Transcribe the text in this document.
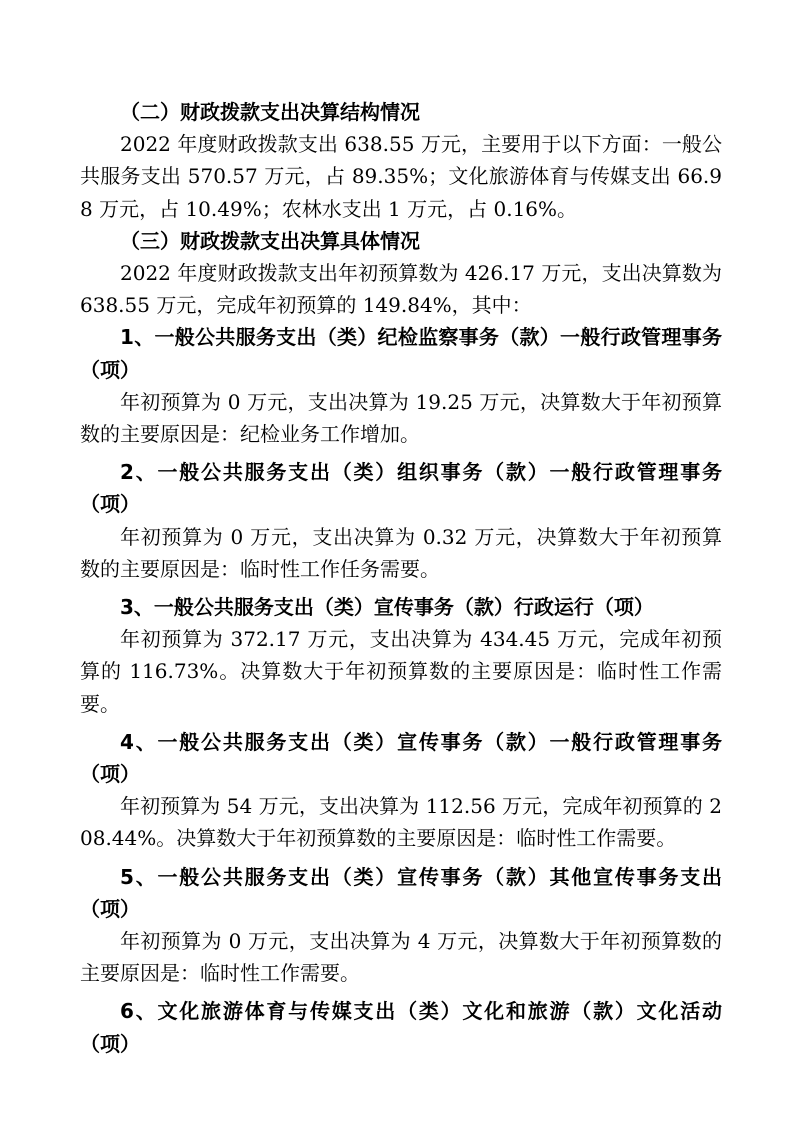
（二）财政拨款支出决算结构情况

2022 年度财政拨款支出 638.55 万元，主要用于以下方面：一般公共服务支出 570.57 万元，占 89.35%；文化旅游体育与传媒支出 66.98 万元，占 10.49%；农林水支出 1 万元，占 0.16%。

（三）财政拨款支出决算具体情况

2022 年度财政拨款支出年初预算数为 426.17 万元，支出决算数为 638.55 万元，完成年初预算的 149.84%，其中：

1、一般公共服务支出（类）纪检监察事务（款）一般行政管理事务（项）

年初预算为 0 万元，支出决算为 19.25 万元，决算数大于年初预算数的主要原因是：纪检业务工作增加。

2、一般公共服务支出（类）组织事务（款）一般行政管理事务（项）

年初预算为 0 万元，支出决算为 0.32 万元，决算数大于年初预算数的主要原因是：临时性工作任务需要。

3、一般公共服务支出（类）宣传事务（款）行政运行（项）

年初预算为 372.17 万元，支出决算为 434.45 万元，完成年初预算的 116.73%。决算数大于年初预算数的主要原因是：临时性工作需要。

4、一般公共服务支出（类）宣传事务（款）一般行政管理事务（项）

年初预算为 54 万元，支出决算为 112.56 万元，完成年初预算的 208.44%。决算数大于年初预算数的主要原因是：临时性工作需要。

5、一般公共服务支出（类）宣传事务（款）其他宣传事务支出（项）

年初预算为 0 万元，支出决算为 4 万元，决算数大于年初预算数的主要原因是：临时性工作需要。

6、文化旅游体育与传媒支出（类）文化和旅游（款）文化活动（项）
